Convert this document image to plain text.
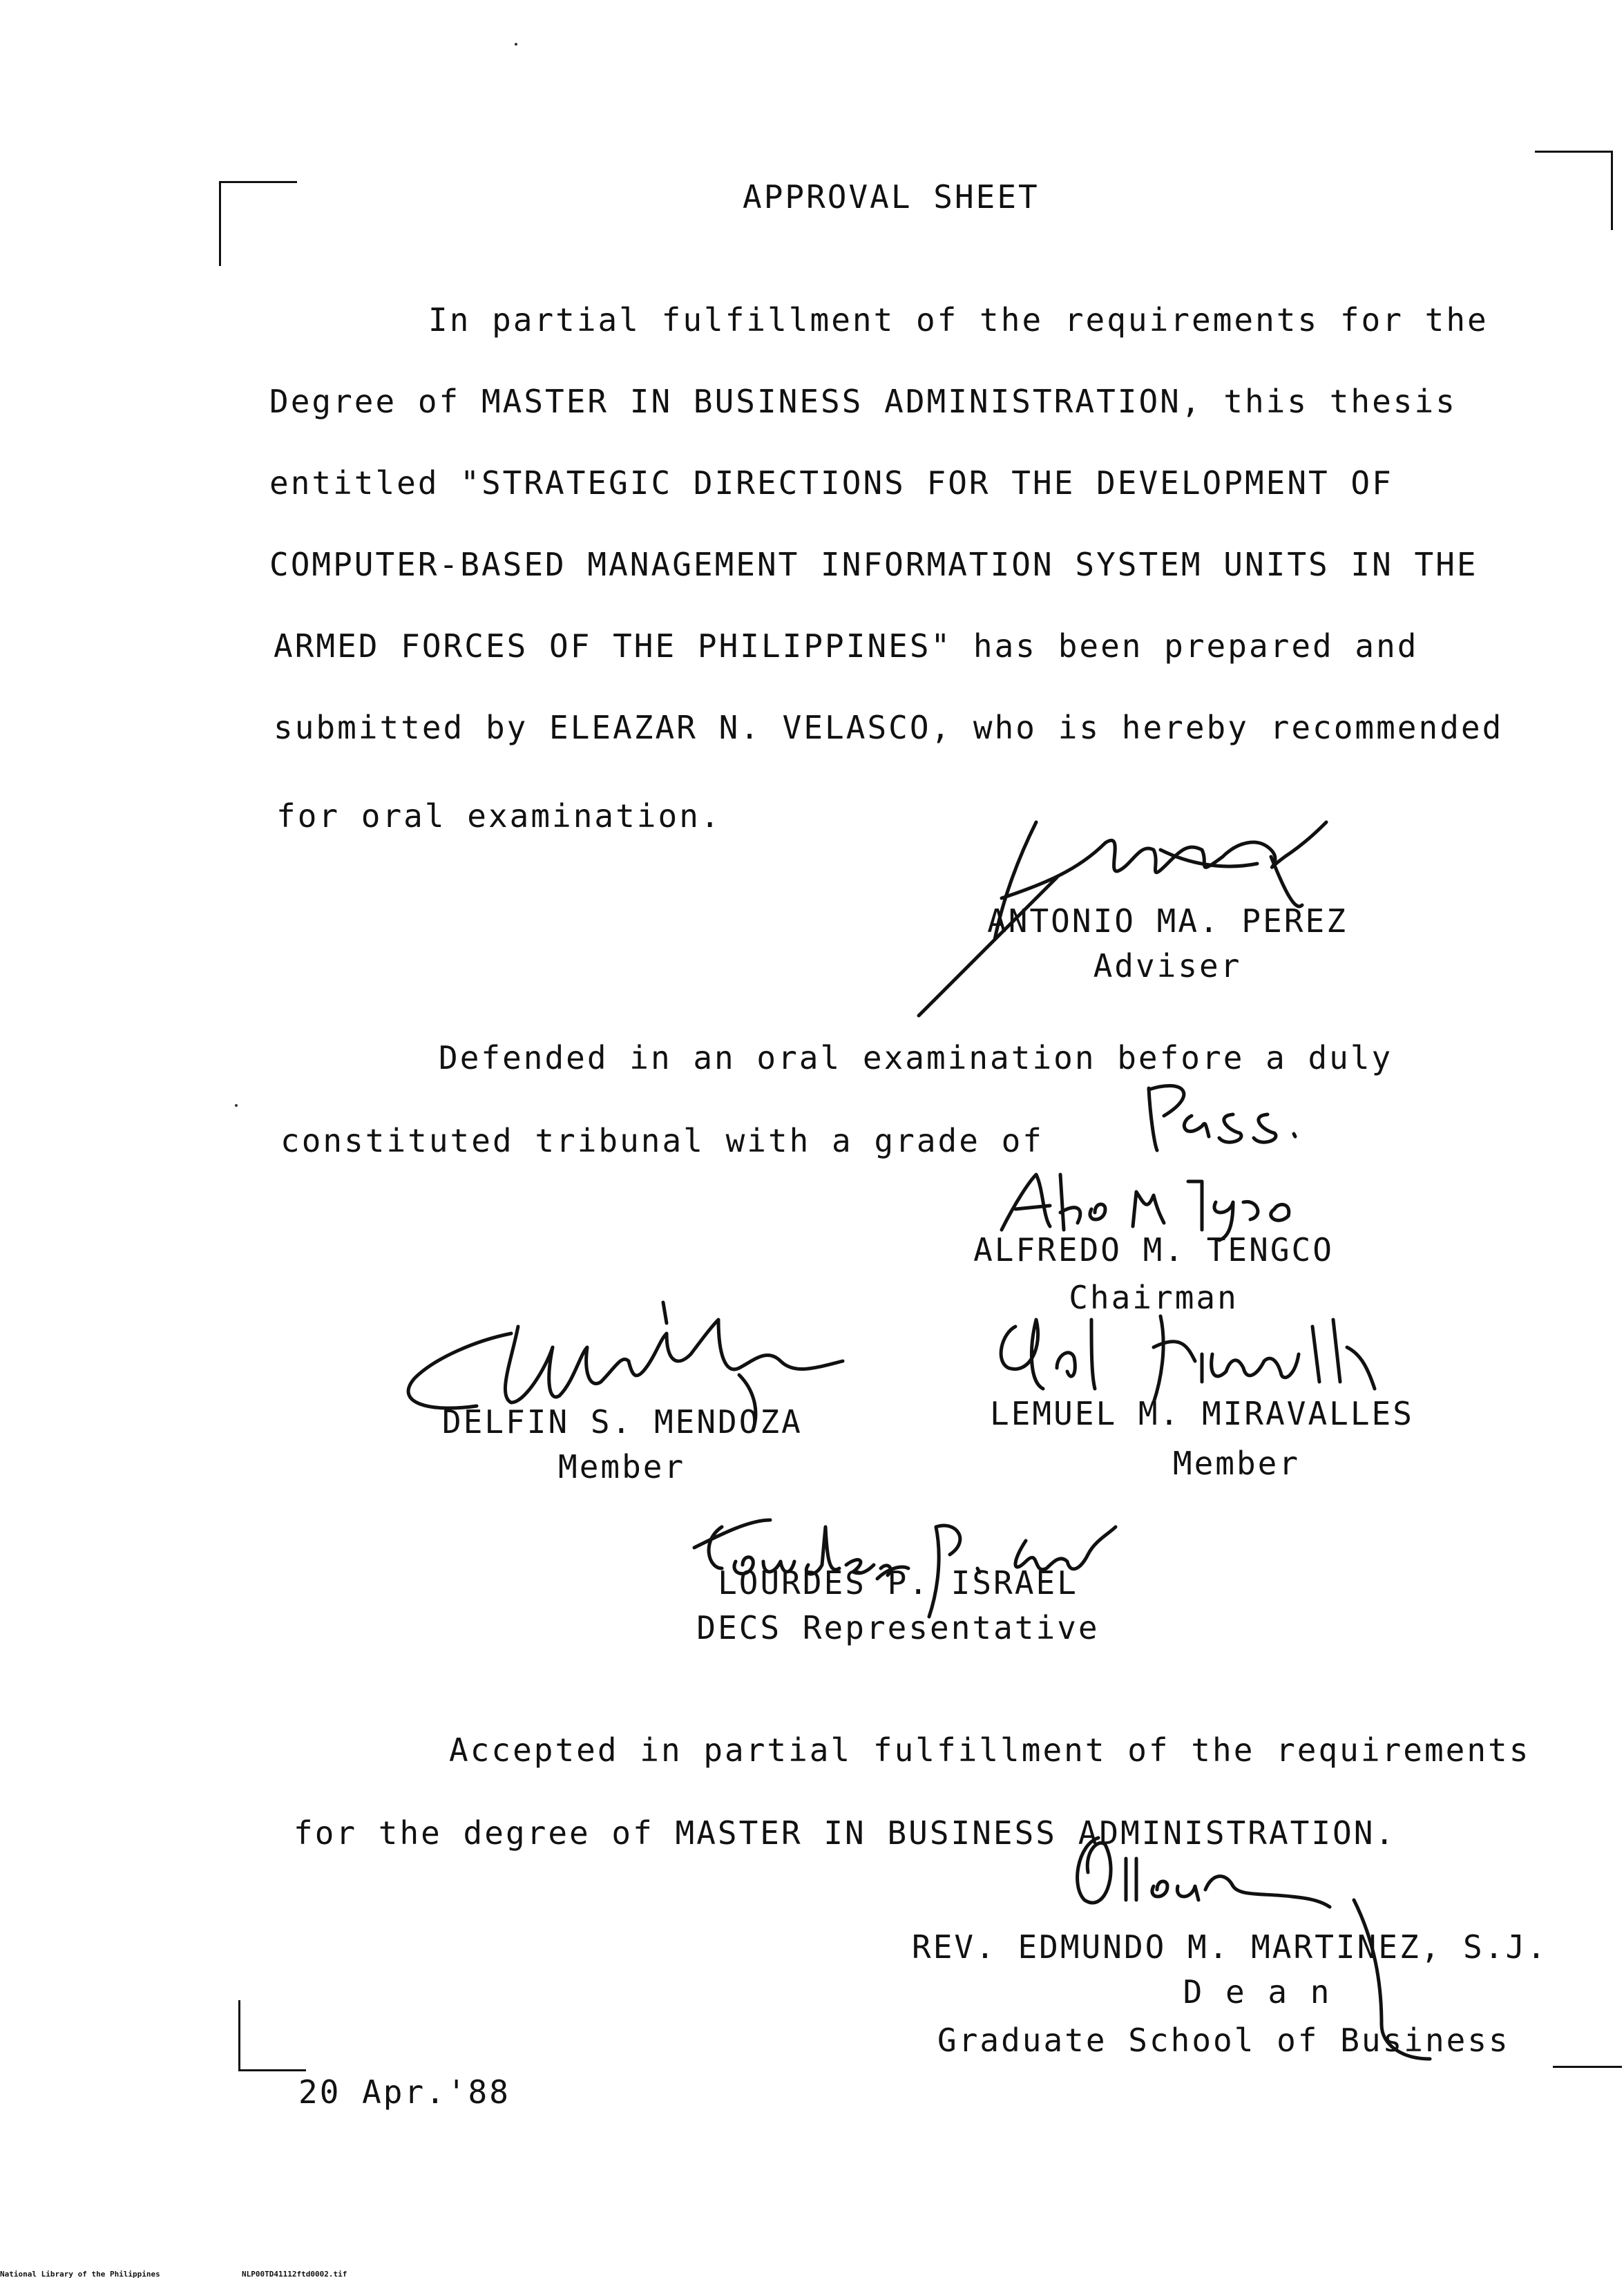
APPROVAL SHEET
In partial fulfillment of the requirements for the
Degree of MASTER IN BUSINESS ADMINISTRATION, this thesis
entitled "STRATEGIC DIRECTIONS FOR THE DEVELOPMENT OF
COMPUTER-BASED MANAGEMENT INFORMATION SYSTEM UNITS IN THE
ARMED FORCES OF THE PHILIPPINES" has been prepared and
submitted by ELEAZAR N. VELASCO, who is hereby recommended
for oral examination.
ANTONIO MA. PEREZ
Adviser
Defended in an oral examination before a duly
constituted tribunal with a grade of
ALFREDO M. TENGCO
Chairman
DELFIN S. MENDOZA
Member
LEMUEL M. MIRAVALLES
Member
LOURDES P. ISRAEL
DECS Representative
Accepted in partial fulfillment of the requirements
for the degree of MASTER IN BUSINESS ADMINISTRATION.
REV. EDMUNDO M. MARTINEZ, S.J.
D e a n
Graduate School of Business
20 Apr.'88
National Library of the Philippines	NLP00TD41112ftd0002.tif
